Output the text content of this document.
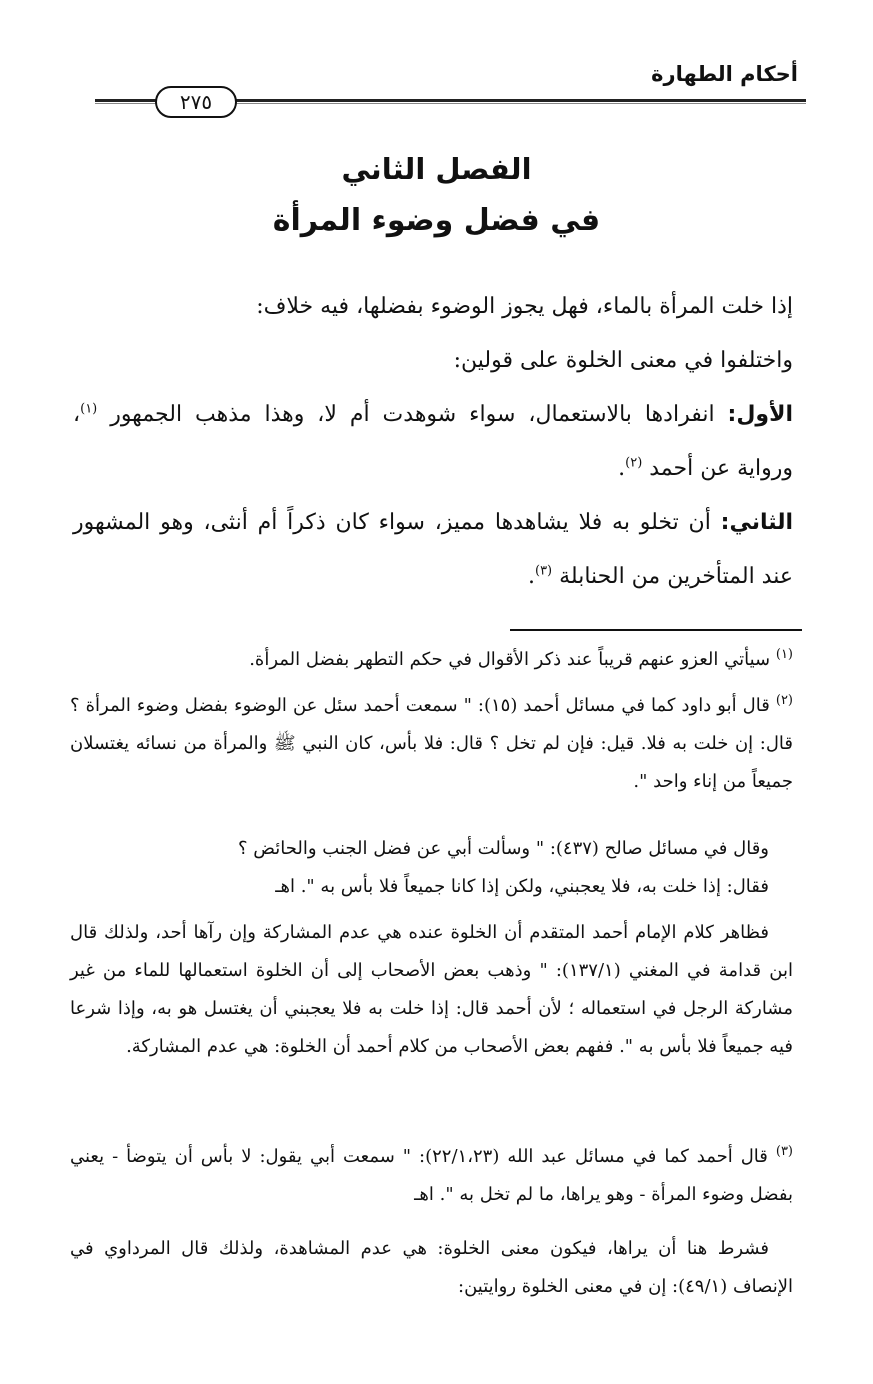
أحكام الطهارة
٢٧٥
الفصل الثاني
في فضل وضوء المرأة
إذا خلت المرأة بالماء، فهل يجوز الوضوء بفضلها، فيه خلاف:
واختلفوا في معنى الخلوة على قولين:
الأول: انفرادها بالاستعمال، سواء شوهدت أم لا، وهذا مذهب الجمهور $^{(١)}$، ورواية عن أحمد $^{(٢)}$.
الثاني: أن تخلو به فلا يشاهدها مميز، سواء كان ذكراً أم أنثى، وهو المشهور عند المتأخرين من الحنابلة $^{(٣)}$.
$^{(١)}$ سيأتي العزو عنهم قريباً عند ذكر الأقوال في حكم التطهر بفضل المرأة.
$^{(٢)}$ قال أبو داود كما في مسائل أحمد (١٥): " سمعت أحمد سئل عن الوضوء بفضل وضوء المرأة ؟ قال: إن خلت به فلا. قيل: فإن لم تخل ؟ قال: فلا بأس، كان النبي ﷺ والمرأة من نسائه يغتسلان جميعاً من إناء واحد ".
وقال في مسائل صالح (٤٣٧): " وسألت أبي عن فضل الجنب والحائض ؟
فقال: إذا خلت به، فلا يعجبني، ولكن إذا كانا جميعاً فلا بأس به ". اهـ
فظاهر كلام الإمام أحمد المتقدم أن الخلوة عنده هي عدم المشاركة وإن رآها أحد، ولذلك قال ابن قدامة في المغني (١٣٧/١): " وذهب بعض الأصحاب إلى أن الخلوة استعمالها للماء من غير مشاركة الرجل في استعماله ؛ لأن أحمد قال: إذا خلت به فلا يعجبني أن يغتسل هو به، وإذا شرعا فيه جميعاً فلا بأس به ". ففهم بعض الأصحاب من كلام أحمد أن الخلوة: هي عدم المشاركة.
$^{(٣)}$ قال أحمد كما في مسائل عبد الله (٢٢/١،٢٣): " سمعت أبي يقول: لا بأس أن يتوضأ - يعني بفضل وضوء المرأة - وهو يراها، ما لم تخل به ". اهـ
فشرط هنا أن يراها، فيكون معنى الخلوة: هي عدم المشاهدة، ولذلك قال المرداوي في الإنصاف (٤٩/١): إن في معنى الخلوة روايتين:
